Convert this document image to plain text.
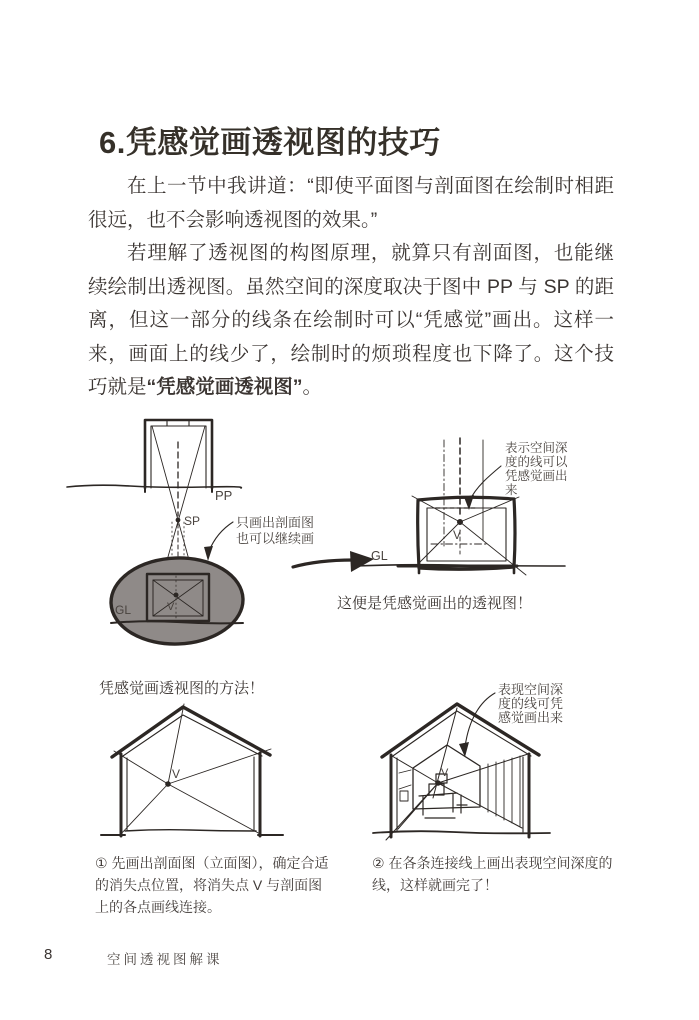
6.凭感觉画透视图的技巧

在上一节中我讲道：“即使平面图与剖面图在绘制时相距很远，也不会影响透视图的效果。”

若理解了透视图的构图原理，就算只有剖面图，也能继续绘制出透视图。虽然空间的深度取决于图中 PP 与 SP 的距离，但这一部分的线条在绘制时可以“凭感觉”画出。这样一来，画面上的线少了，绘制时的烦琐程度也下降了。这个技巧就是“凭感觉画透视图”。

SP
PP
V
GL
只画出剖面图
也可以继续画	V
GL
表示空间深
度的线可以
凭感觉画出
来
这便是凭感觉画出的透视图！
凭感觉画透视图的方法！
V	V
表现空间深
度的线可凭
感觉画出来
① 先画出剖面图（立面图），确定合适的消失点位置，将消失点 V 与剖面图上的各点画线连接。
② 在各条连接线上画出表现空间深度的线，这样就画完了！
8	空间透视图解课
